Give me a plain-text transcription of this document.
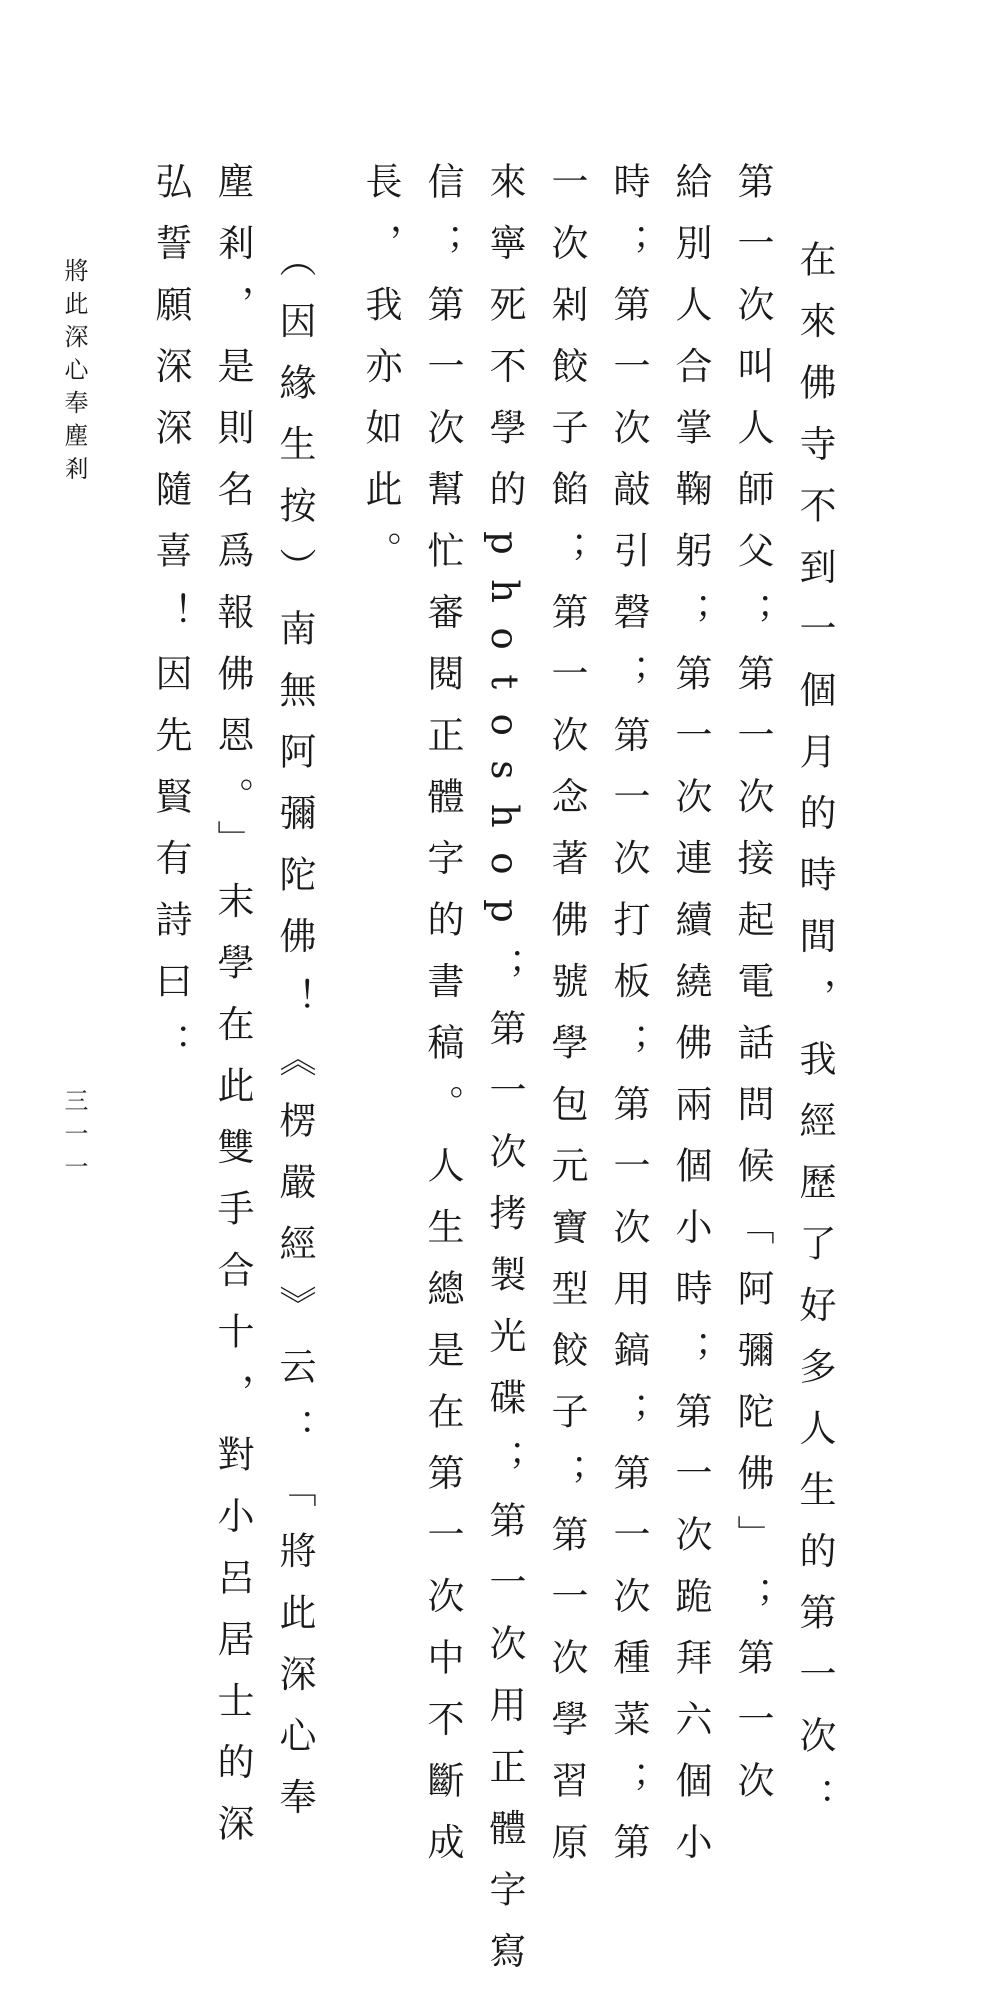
在來佛寺不到一個月的時間，我經歷了好多人生的第一次：
第一次叫人師父；第一次接起電話問候「阿彌陀佛」；第一次
給別人合掌鞠躬；第一次連續繞佛兩個小時；第一次跪拜六個小
時；第一次敲引磬；第一次打板；第一次用鎬；第一次種菜；第
一次剁餃子餡；第一次念著佛號學包元寶型餃子；第一次學習原
來寧死不學的photoshop；第一次拷製光碟；第一次用正體字寫
信；第一次幫忙審閱正體字的書稿。人生總是在第一次中不斷成
長，我亦如此。
（因緣生按）南無阿彌陀佛！《楞嚴經》云：「將此深心奉
塵剎，是則名爲報佛恩。」末學在此雙手合十，對小呂居士的深
弘誓願深深隨喜！因先賢有詩曰：
將此深心奉塵剎
三一一
